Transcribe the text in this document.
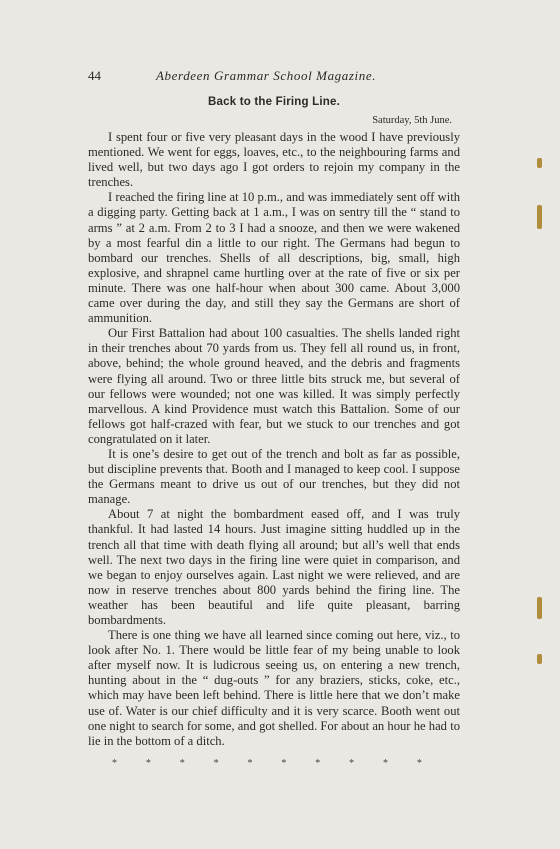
44	Aberdeen Grammar School Magazine.
Back to the Firing Line.
Saturday, 5th June.

I spent four or five very pleasant days in the wood I have previously mentioned. We went for eggs, loaves, etc., to the neighbouring farms and lived well, but two days ago I got orders to rejoin my company in the trenches.

I reached the firing line at 10 p.m., and was immediately sent off with a digging party. Getting back at 1 a.m., I was on sentry till the “ stand to arms ” at 2 a.m. From 2 to 3 I had a snooze, and then we were wakened by a most fearful din a little to our right. The Germans had begun to bombard our trenches. Shells of all descriptions, big, small, high explosive, and shrapnel came hurtling over at the rate of five or six per minute. There was one half-hour when about 300 came. About 3,000 came over during the day, and still they say the Germans are short of ammunition.

Our First Battalion had about 100 casualties. The shells landed right in their trenches about 70 yards from us. They fell all round us, in front, above, behind; the whole ground heaved, and the debris and fragments were flying all around. Two or three little bits struck me, but several of our fellows were wounded; not one was killed. It was simply perfectly marvellous. A kind Providence must watch this Battalion. Some of our fellows got half-crazed with fear, but we stuck to our trenches and got congratulated on it later.

It is one’s desire to get out of the trench and bolt as far as possible, but discipline prevents that. Booth and I managed to keep cool. I suppose the Germans meant to drive us out of our trenches, but they did not manage.

About 7 at night the bombardment eased off, and I was truly thankful. It had lasted 14 hours. Just imagine sitting huddled up in the trench all that time with death flying all around; but all’s well that ends well. The next two days in the firing line were quiet in comparison, and we began to enjoy ourselves again. Last night we were relieved, and are now in reserve trenches about 800 yards behind the firing line. The weather has been beautiful and life quite pleasant, barring bombardments.

There is one thing we have all learned since coming out here, viz., to look after No. 1. There would be little fear of my being unable to look after myself now. It is ludicrous seeing us, on entering a new trench, hunting about in the “ dug-outs ” for any braziers, sticks, coke, etc., which may have been left behind. There is little here that we don’t make use of. Water is our chief difficulty and it is very scarce. Booth went out one night to search for some, and got shelled. For about an hour he had to lie in the bottom of a ditch.

*	*	*	*	*	*	*	*	*	*
